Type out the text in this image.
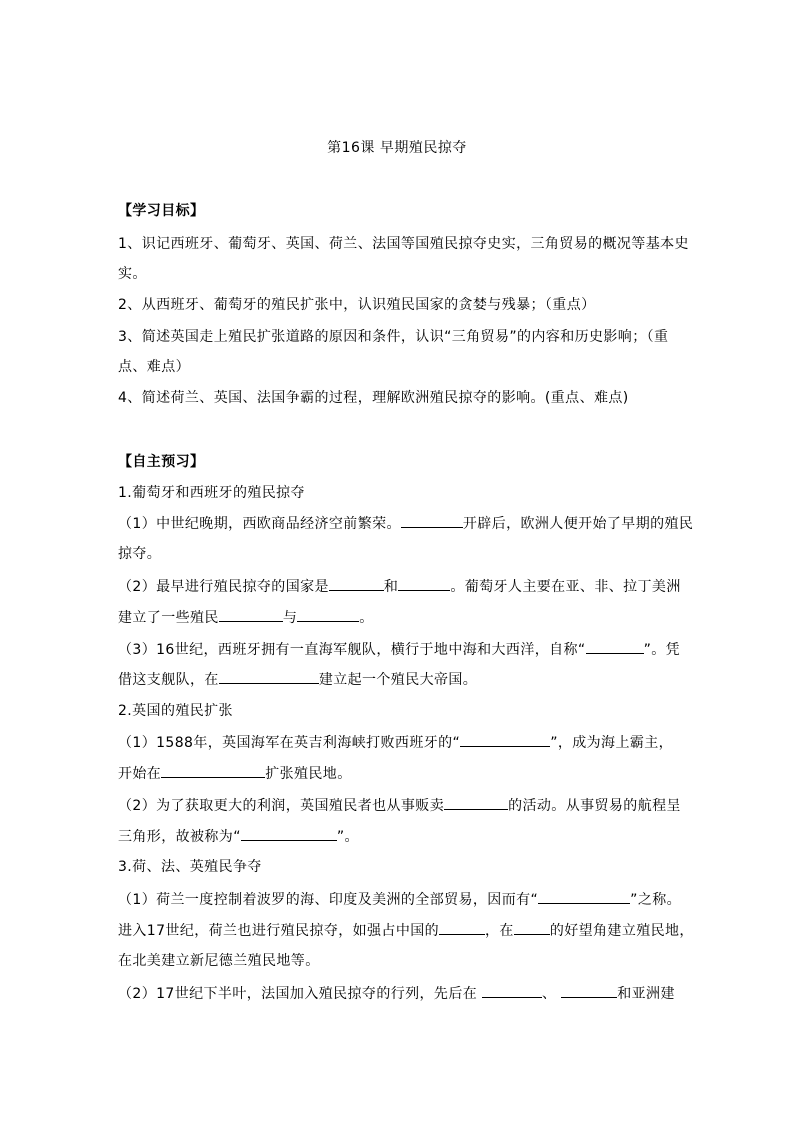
第16课 早期殖民掠夺
【学习目标】
1、识记西班牙、葡萄牙、英国、荷兰、法国等国殖民掠夺史实，三角贸易的概况等基本史
实。
2、从西班牙、葡萄牙的殖民扩张中，认识殖民国家的贪婪与残暴；（重点）
3、简述英国走上殖民扩张道路的原因和条件，认识“三角贸易”的内容和历史影响；（重
点、难点）
4、简述荷兰、英国、法国争霸的过程，理解欧洲殖民掠夺的影响。(重点、难点)
【自主预习】
1.葡萄牙和西班牙的殖民掠夺
（1）中世纪晚期，西欧商品经济空前繁荣。	开辟后，欧洲人便开始了早期的殖民
掠夺。
（2）最早进行殖民掠夺的国家是	和	。葡萄牙人主要在亚、非、拉丁美洲
建立了一些殖民	与	。
（3）16世纪，西班牙拥有一直海军舰队，横行于地中海和大西洋，自称“	”。凭
借这支舰队，在	建立起一个殖民大帝国。
2.英国的殖民扩张
（1）1588年，英国海军在英吉利海峡打败西班牙的“	”，成为海上霸主，
开始在	扩张殖民地。
（2）为了获取更大的利润，英国殖民者也从事贩卖	的活动。从事贸易的航程呈
三角形，故被称为“	”。
3.荷、法、英殖民争夺
（1）荷兰一度控制着波罗的海、印度及美洲的全部贸易，因而有“	”之称。
进入17世纪，荷兰也进行殖民掠夺，如强占中国的	，在	的好望角建立殖民地，
在北美建立新尼德兰殖民地等。
（2）17世纪下半叶，法国加入殖民掠夺的行列，先后在	、	和亚洲建
